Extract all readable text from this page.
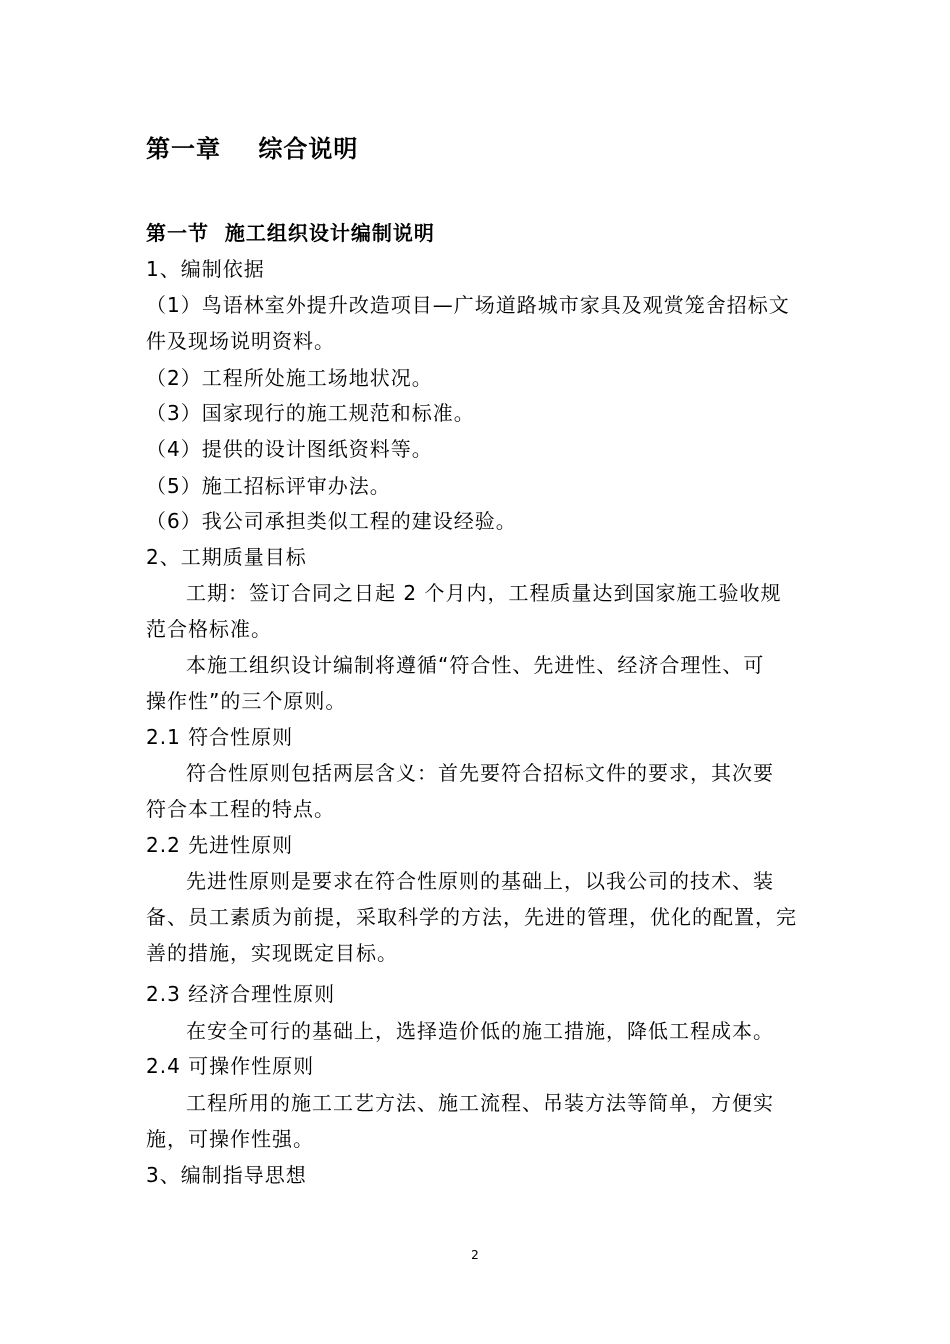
第一章    综合说明
第一节  施工组织设计编制说明
1、编制依据
（1）鸟语林室外提升改造项目—广场道路城市家具及观赏笼舍招标文
件及现场说明资料。
（2）工程所处施工场地状况。
（3）国家现行的施工规范和标准。
（4）提供的设计图纸资料等。
（5）施工招标评审办法。
（6）我公司承担类似工程的建设经验。
2、工期质量目标
工期：签订合同之日起 2 个月内，工程质量达到国家施工验收规
范合格标准。
本施工组织设计编制将遵循“符合性、先进性、经济合理性、可
操作性”的三个原则。
2.1 符合性原则
符合性原则包括两层含义：首先要符合招标文件的要求，其次要
符合本工程的特点。
2.2 先进性原则
先进性原则是要求在符合性原则的基础上，以我公司的技术、装
备、员工素质为前提，采取科学的方法，先进的管理，优化的配置，完
善的措施，实现既定目标。
2.3 经济合理性原则
在安全可行的基础上，选择造价低的施工措施，降低工程成本。
2.4 可操作性原则
工程所用的施工工艺方法、施工流程、吊装方法等简单，方便实
施，可操作性强。
3、编制指导思想
2
